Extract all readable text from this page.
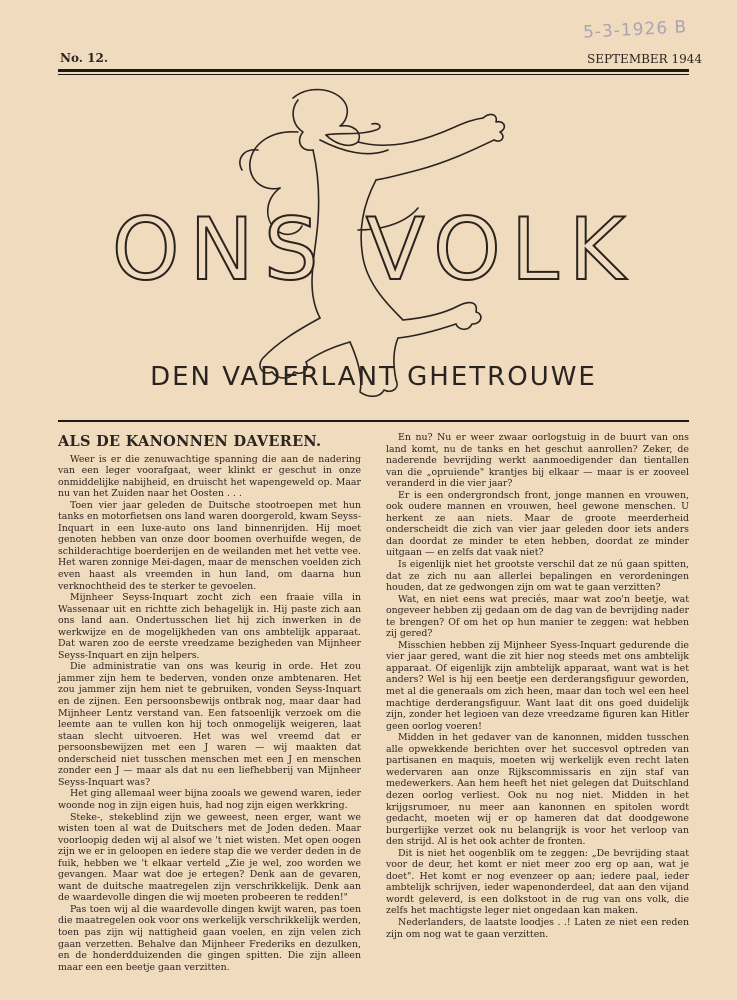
5-3-1926 B
No. 12.	SEPTEMBER 1944
ONS VOLK
DEN VADERLANT GHETROUWE
ALS DE KANONNEN DAVEREN.

Weer is er die zenuwachtige spanning die aan de nadering van een leger voorafgaat, weer klinkt er geschut in onze onmiddelijke nabijheid, en druischt het wapengeweld op. Maar nu van het Zuiden naar het Oosten . . .

Toen vier jaar geleden de Duitsche stootroepen met hun tanks en motorfietsen ons land waren doorgerold, kwam Seyss-Inquart in een luxe-auto ons land binnenrijden. Hij moet genoten hebben van onze door boomen overhuifde wegen, de schilderachtige boerderijen en de weilanden met het vette vee. Het waren zonnige Mei-dagen, maar de menschen voelden zich even haast als vreemden in hun land, om daarna hun verknochtheid des te sterker te gevoelen.

Mijnheer Seyss-Inquart zocht zich een fraaie villa in Wassenaar uit en richtte zich behagelijk in. Hij paste zich aan ons land aan. Ondertusschen liet hij zich inwerken in de werkwijze en de mogelijkheden van ons ambtelijk apparaat. Dat waren zoo de eerste vreedzame bezigheden van Mijnheer Seyss-Inquart en zijn helpers.

Die administratie van ons was keurig in orde. Het zou jammer zijn hem te bederven, vonden onze ambtenaren. Het zou jammer zijn hem niet te gebruiken, vonden Seyss-Inquart en de zijnen. Een persoonsbewijs ontbrak nog, maar daar had Mijnheer Lentz verstand van. Een fatsoenlijk verzoek om die leemte aan te vullen kon hij toch onmogelijk weigeren, laat staan slecht uitvoeren. Het was wel vreemd dat er persoonsbewijzen met een J waren — wij maakten dat onderscheid niet tusschen menschen met een J en menschen zonder een J — maar als dat nu een liefhebberij van Mijnheer Seyss-Inquart was?

Het ging allemaal weer bijna zooals we gewend waren, ieder woonde nog in zijn eigen huis, had nog zijn eigen werkkring.

Steke-, stekeblind zijn we geweest, neen erger, want we wisten toen al wat de Duitschers met de Joden deden. Maar voorloopig deden wij al alsof we 't niet wisten. Met open oogen zijn we er in geloopen en iedere stap die we verder deden in de fuik, hebben we 't elkaar verteld „Zie je wel, zoo worden we gevangen. Maar wat doe je ertegen? Denk aan de gevaren, want de duitsche maatregelen zijn verschrikkelijk. Denk aan de waardevolle dingen die wij moeten probeeren te redden!"

Pas toen wij al die waardevolle dingen kwijt waren, pas toen die maatregelen ook voor ons werkelijk verschrikkelijk werden, toen pas zijn wij nattigheid gaan voelen, en zijn velen zich gaan verzetten. Behalve dan Mijnheer Frederiks en dezulken, en de honderdduizenden die gingen spitten. Die zijn alleen maar een een beetje gaan verzitten.

En nu? Nu er weer zwaar oorlogstuig in de buurt van ons land komt, nu de tanks en het geschut aanrollen? Zeker, de naderende bevrijding werkt aanmoedigender dan tientallen van die „opruiende" krantjes bij elkaar — maar is er zooveel veranderd in die vier jaar?

Er is een ondergrondsch front, jonge mannen en vrouwen, ook oudere mannen en vrouwen, heel gewone menschen. U herkent ze aan niets. Maar de groote meerderheid onderscheidt die zich van vier jaar geleden door iets anders dan doordat ze minder te eten hebben, doordat ze minder uitgaan — en zelfs dat vaak niet?

Is eigenlijk niet het grootste verschil dat ze nú gaan spitten, dat ze zich nu aan allerlei bepalingen en verordeningen houden, dat ze gedwongen zijn om wat te gaan verzitten?

Wat, en niet eens wat preciés, maar wat zoo'n beetje, wat ongeveer hebben zij gedaan om de dag van de bevrijding nader te brengen? Of om het op hun manier te zeggen: wat hebben zij gered?

Misschien hebben zij Mijnheer Syess-Inquart gedurende die vier jaar gered, want die zit hier nog steeds met ons ambtelijk apparaat. Of eigenlijk zijn ambtelijk apparaat, want wat is het anders? Wel is hij een beetje een derderangsfiguur geworden, met al die generaals om zich heen, maar dan toch wel een heel machtige derderangsfiguur. Want laat dit ons goed duidelijk zijn, zonder het legioen van deze vreedzame figuren kan Hitler geen oorlog voeren!

Midden in het gedaver van de kanonnen, midden tusschen alle opwekkende berichten over het succesvol optreden van partisanen en maquis, moeten wij werkelijk even recht laten wedervaren aan onze Rijkscommissaris en zijn staf van medewerkers. Aan hem heeft het niet gelegen dat Duitschland dezen oorlog verliest. Ook nu nog niet. Midden in het krijgsrumoer, nu meer aan kanonnen en spitolen wordt gedacht, moeten wij er op hameren dat dat doodgewone burgerlijke verzet ook nu belangrijk is voor het verloop van den strijd. Al is het ook achter de fronten.

Dit is niet het oogenblik om te zeggen: „De bevrijding staat voor de deur, het komt er niet meer zoo erg op aan, wat je doet". Het komt er nog evenzeer op aan; iedere paal, ieder ambtelijk schrijven, ieder wapenonderdeel, dat aan den vijand wordt geleverd, is een dolkstoot in de rug van ons volk, die zelfs het machtigste leger niet ongedaan kan maken.

Nederlanders, de laatste loodjes . .! Laten ze niet een reden zijn om nog wat te gaan verzitten.
